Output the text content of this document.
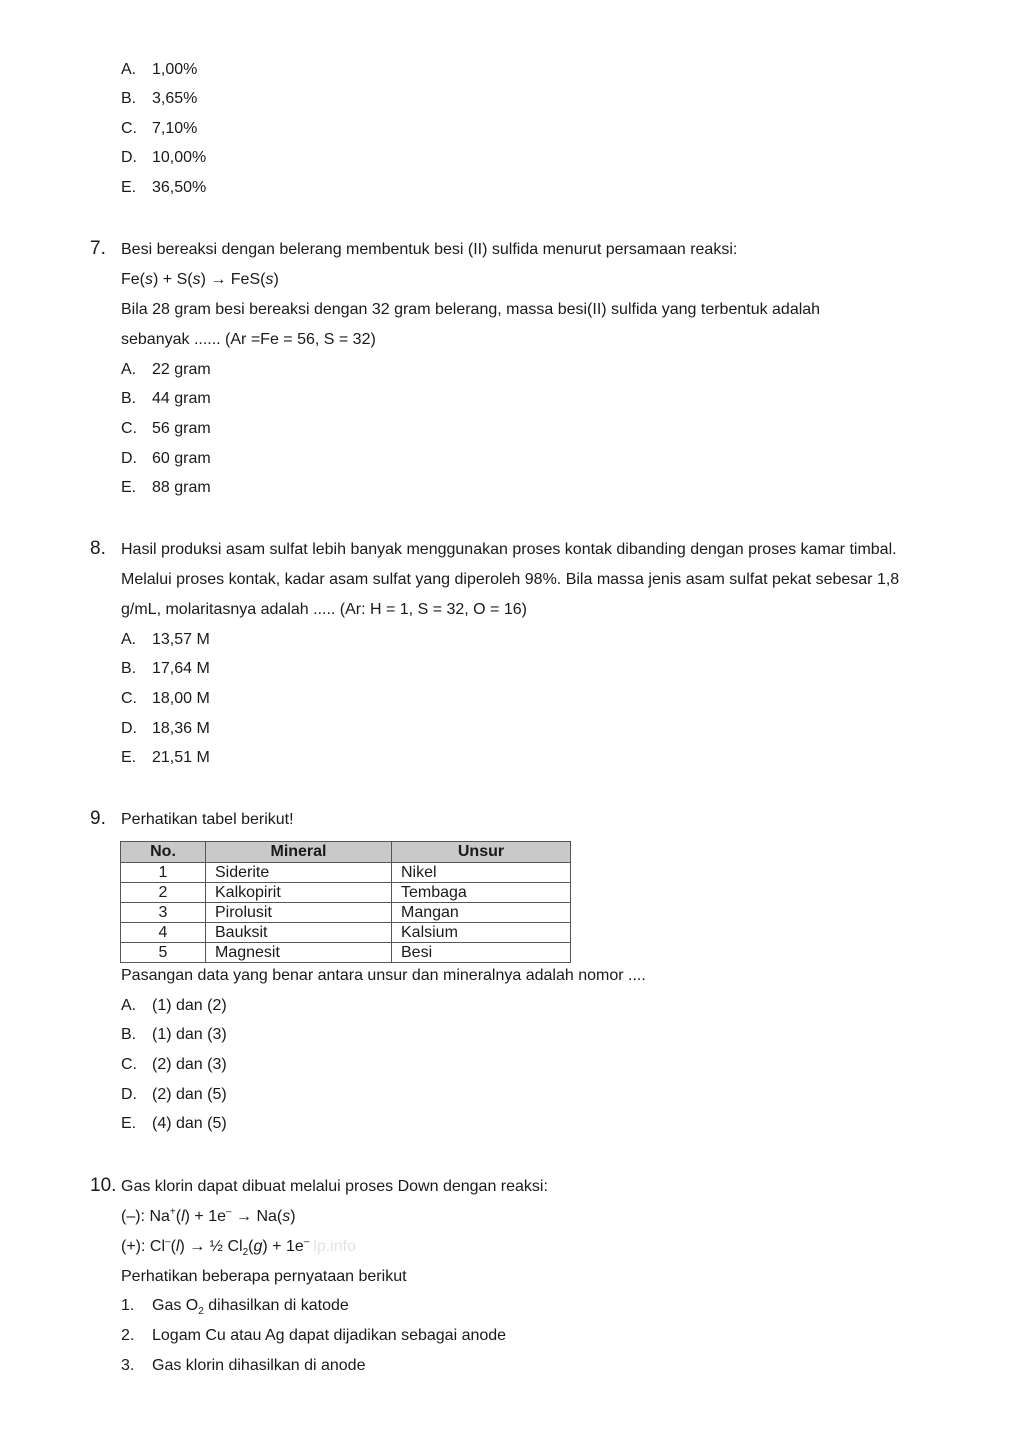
A. 1,00%
B. 3,65%
C. 7,10%
D. 10,00%
E. 36,50%
7. Besi bereaksi dengan belerang membentuk besi (II) sulfida menurut persamaan reaksi:
Fe(s) + S(s) → FeS(s)
Bila 28 gram besi bereaksi dengan 32 gram belerang, massa besi(II) sulfida yang terbentuk adalah
sebanyak ...... (Ar =Fe = 56, S = 32)
A. 22 gram
B. 44 gram
C. 56 gram
D. 60 gram
E. 88 gram
8. Hasil produksi asam sulfat lebih banyak menggunakan proses kontak dibanding dengan proses kamar timbal.
Melalui proses kontak, kadar asam sulfat yang diperoleh 98%. Bila massa jenis asam sulfat pekat sebesar 1,8
g/mL, molaritasnya adalah ..... (Ar: H = 1, S = 32, O = 16)
A. 13,57 M
B. 17,64 M
C. 18,00 M
D. 18,36 M
E. 21,51 M
9. Perhatikan tabel berikut!
No.	Mineral	Unsur
1	Siderite	Nikel
2	Kalkopirit	Tembaga
3	Pirolusit	Mangan
4	Bauksit	Kalsium
5	Magnesit	Besi
Pasangan data yang benar antara unsur dan mineralnya adalah nomor ....
A. (1) dan (2)
B. (1) dan (3)
C. (2) dan (3)
D. (2) dan (5)
E. (4) dan (5)
10. Gas klorin dapat dibuat melalui proses Down dengan reaksi:
(–): Na+(l) + 1e– → Na(s)
(+): Cl–(l) → ½ $Cl_2(g) + 1e^-$ lp.info
Perhatikan beberapa pernyataan berikut
1. Gas $O_2$ dihasilkan di katode
2. Logam Cu atau Ag dapat dijadikan sebagai anode
3. Gas klorin dihasilkan di anode
